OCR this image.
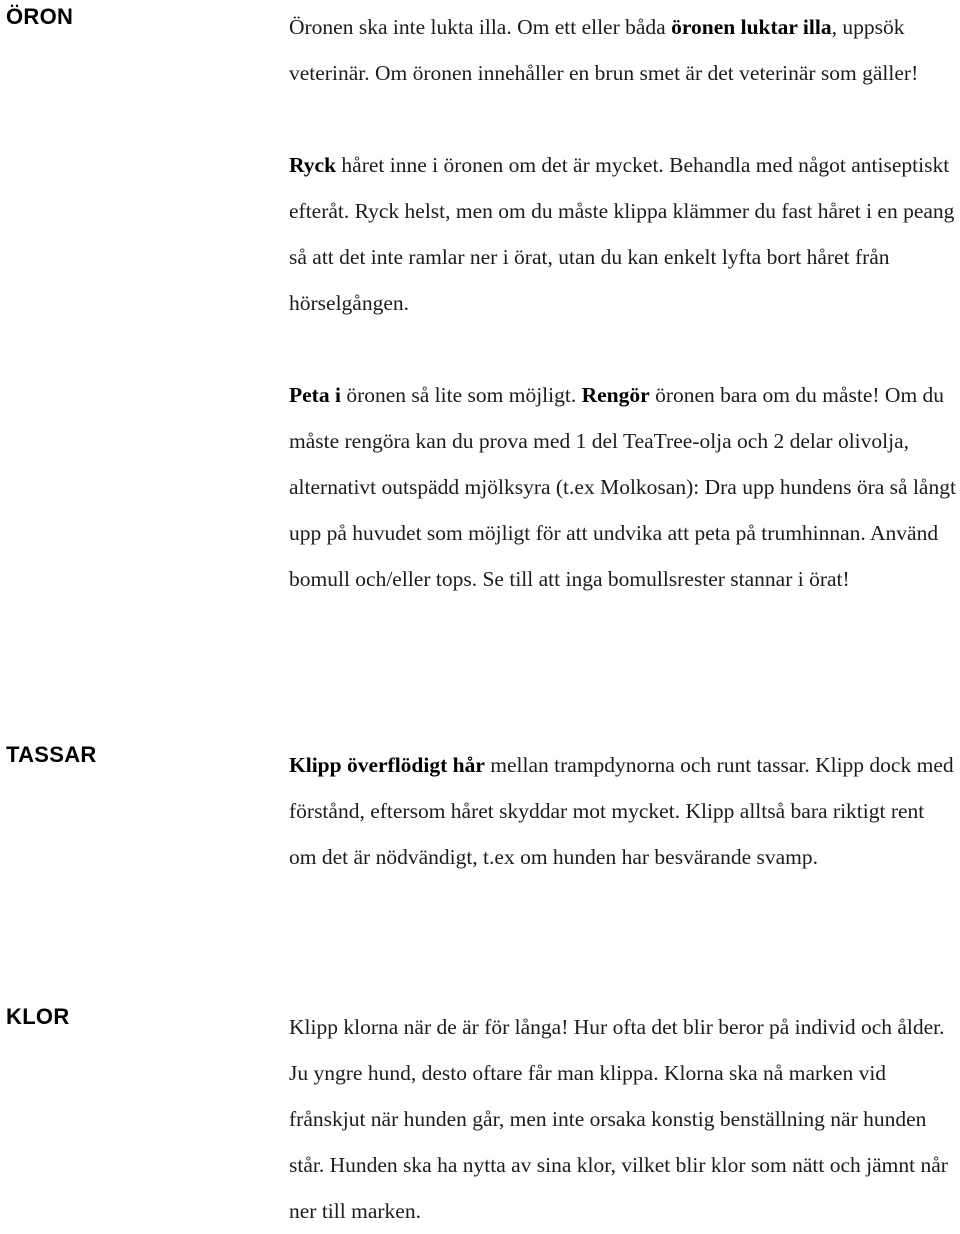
ÖRON	Öronen ska inte lukta illa. Om ett eller båda öronen luktar illa, uppsök veterinär. Om öronen innehåller en brun smet är det veterinär som gäller!

Ryck håret inne i öronen om det är mycket. Behandla med något antiseptiskt efteråt. Ryck helst, men om du måste klippa klämmer du fast håret i en peang så att det inte ramlar ner i örat, utan du kan enkelt lyfta bort håret från hörselgången.

Peta i öronen så lite som möjligt. Rengör öronen bara om du måste! Om du måste rengöra kan du prova med 1 del TeaTree-olja och 2 delar olivolja, alternativt outspädd mjölksyra (t.ex Molkosan): Dra upp hundens öra så långt upp på huvudet som möjligt för att undvika att peta på trumhinnan. Använd bomull och/eller tops. Se till att inga bomullsrester stannar i örat!

TASSAR	Klipp överflödigt hår mellan trampdynorna och runt tassar. Klipp dock med förstånd, eftersom håret skyddar mot mycket. Klipp alltså bara riktigt rent om det är nödvändigt, t.ex om hunden har besvärande svamp.

KLOR	Klipp klorna när de är för långa! Hur ofta det blir beror på individ och ålder. Ju yngre hund, desto oftare får man klippa. Klorna ska nå marken vid frånskjut när hunden går, men inte orsaka konstig benställning när hunden står. Hunden ska ha nytta av sina klor, vilket blir klor som nätt och jämnt når ner till marken.
